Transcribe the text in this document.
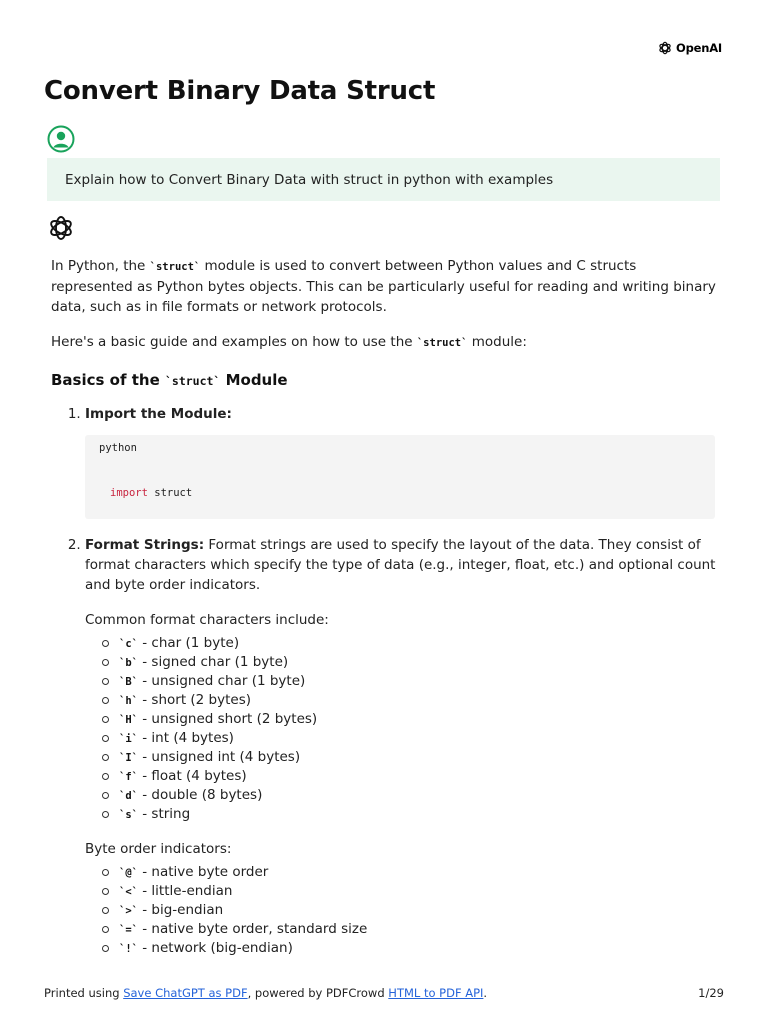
OpenAI
Convert Binary Data Struct
Explain how to Convert Binary Data with struct in python with examples

In Python, the `struct` module is used to convert between Python values and C structs represented as Python bytes objects. This can be particularly useful for reading and writing binary data, such as in file formats or network protocols.

Here's a basic guide and examples on how to use the `struct` module:

Basics of the `struct` Module
1. Import the Module:
python
import struct
2. Format Strings: Format strings are used to specify the layout of the data. They consist of format characters which specify the type of data (e.g., integer, float, etc.) and optional count and byte order indicators.
Common format characters include:
`c` - char (1 byte)
`b` - signed char (1 byte)
`B` - unsigned char (1 byte)
`h` - short (2 bytes)
`H` - unsigned short (2 bytes)
`i` - int (4 bytes)
`I` - unsigned int (4 bytes)
`f` - float (4 bytes)
`d` - double (8 bytes)
`s` - string
Byte order indicators:
`@` - native byte order
`<` - little-endian
`>` - big-endian
`=` - native byte order, standard size
`!` - network (big-endian)
Printed using Save ChatGPT as PDF, powered by PDFCrowd HTML to PDF API.	1/29
